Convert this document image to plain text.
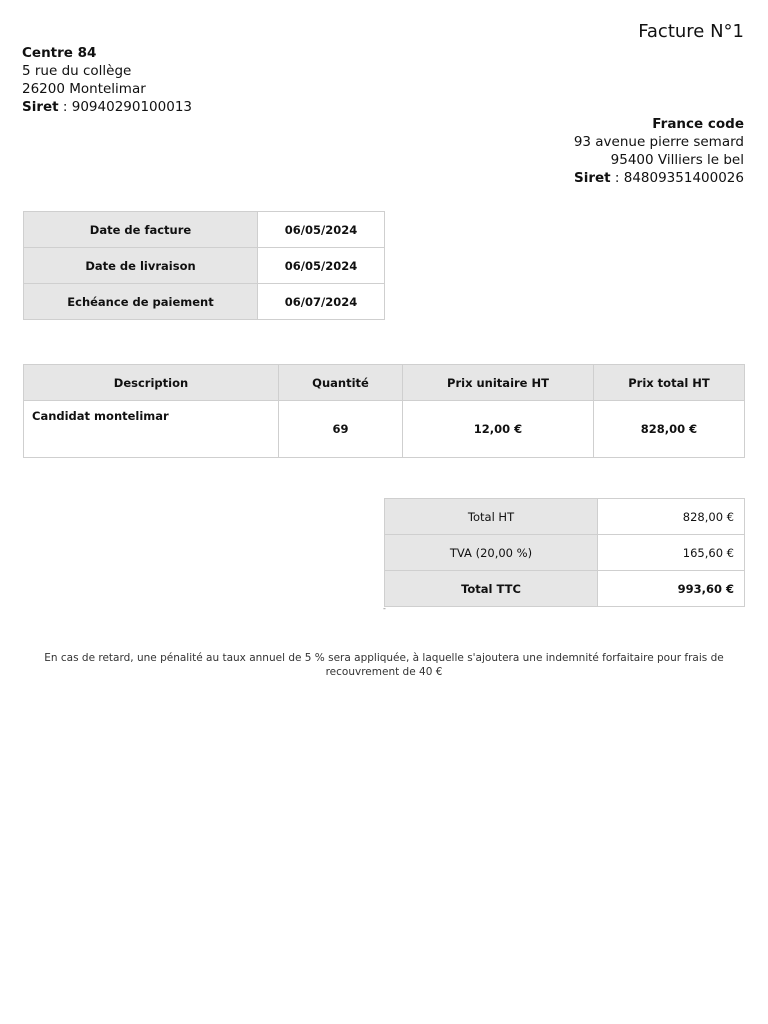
Facture N°1
Centre 84
5 rue du collège
26200 Montelimar
Siret : 90940290100013
France code
93 avenue pierre semard
95400 Villiers le bel
Siret : 84809351400026
Date de facture	06/05/2024
Date de livraison	06/05/2024
Echéance de paiement	06/07/2024
Description	Quantité	Prix unitaire HT	Prix total HT
Candidat montelimar	69	12,00 €	828,00 €
Total HT	828,00 €
TVA (20,00 %)	165,60 €
Total TTC	993,60 €
-

En cas de retard, une pénalité au taux annuel de 5 % sera appliquée, à laquelle s'ajoutera une indemnité forfaitaire pour frais de recouvrement de 40 €
